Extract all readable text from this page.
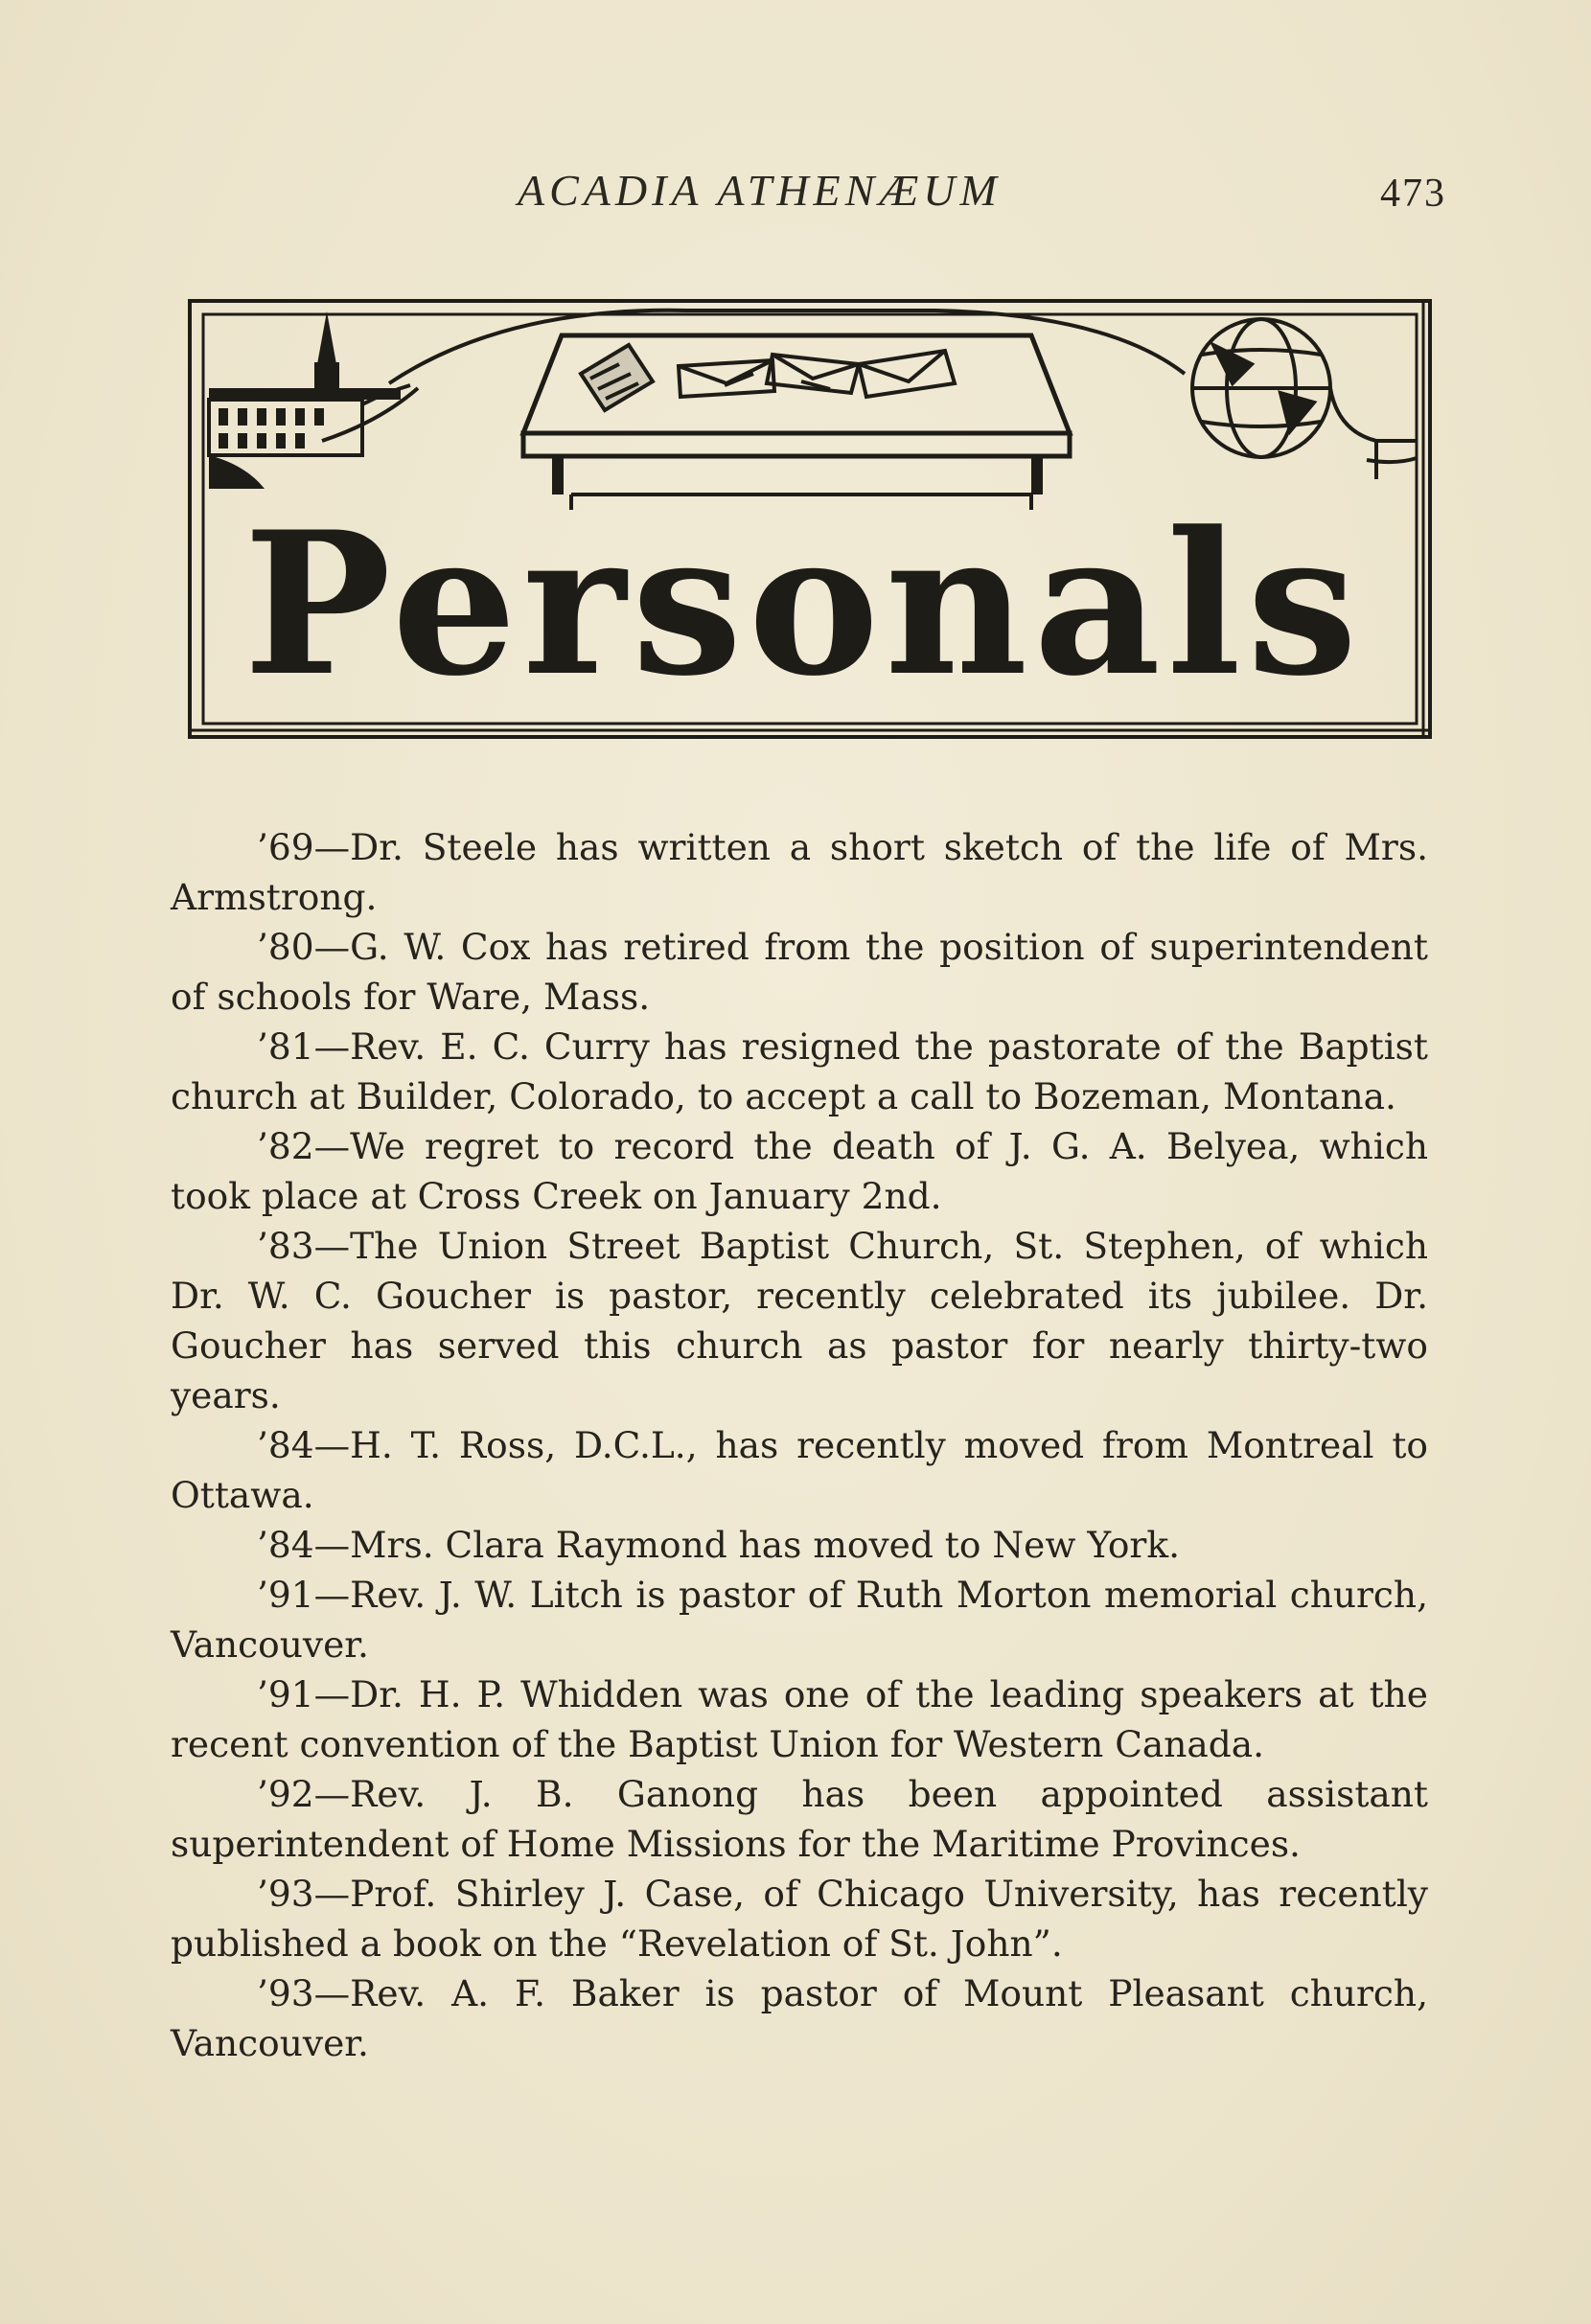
ACADIA ATHENÆUM	473
Personals

’69—Dr. Steele has written a short sketch of the life of Mrs. Armstrong.

’80—G. W. Cox has retired from the position of superintendent of schools for Ware, Mass.

’81—Rev. E. C. Curry has resigned the pastorate of the Baptist church at Builder, Colorado, to accept a call to Bozeman, Montana.

’82—We regret to record the death of J. G. A. Belyea, which took place at Cross Creek on January 2nd.

’83—The Union Street Baptist Church, St. Stephen, of which Dr. W. C. Goucher is pastor, recently celebrated its jubilee. Dr. Goucher has served this church as pastor for nearly thirty-two years.

’84—H. T. Ross, D.C.L., has recently moved from Montreal to Ottawa.

’84—Mrs. Clara Raymond has moved to New York.

’91—Rev. J. W. Litch is pastor of Ruth Morton memorial church, Vancouver.

’91—Dr. H. P. Whidden was one of the leading speakers at the recent convention of the Baptist Union for Western Canada.

’92—Rev. J. B. Ganong has been appointed assistant superintendent of Home Missions for the Maritime Provinces.

’93—Prof. Shirley J. Case, of Chicago University, has recently published a book on the “Revelation of St. John”.

’93—Rev. A. F. Baker is pastor of Mount Pleasant church, Vancouver.
